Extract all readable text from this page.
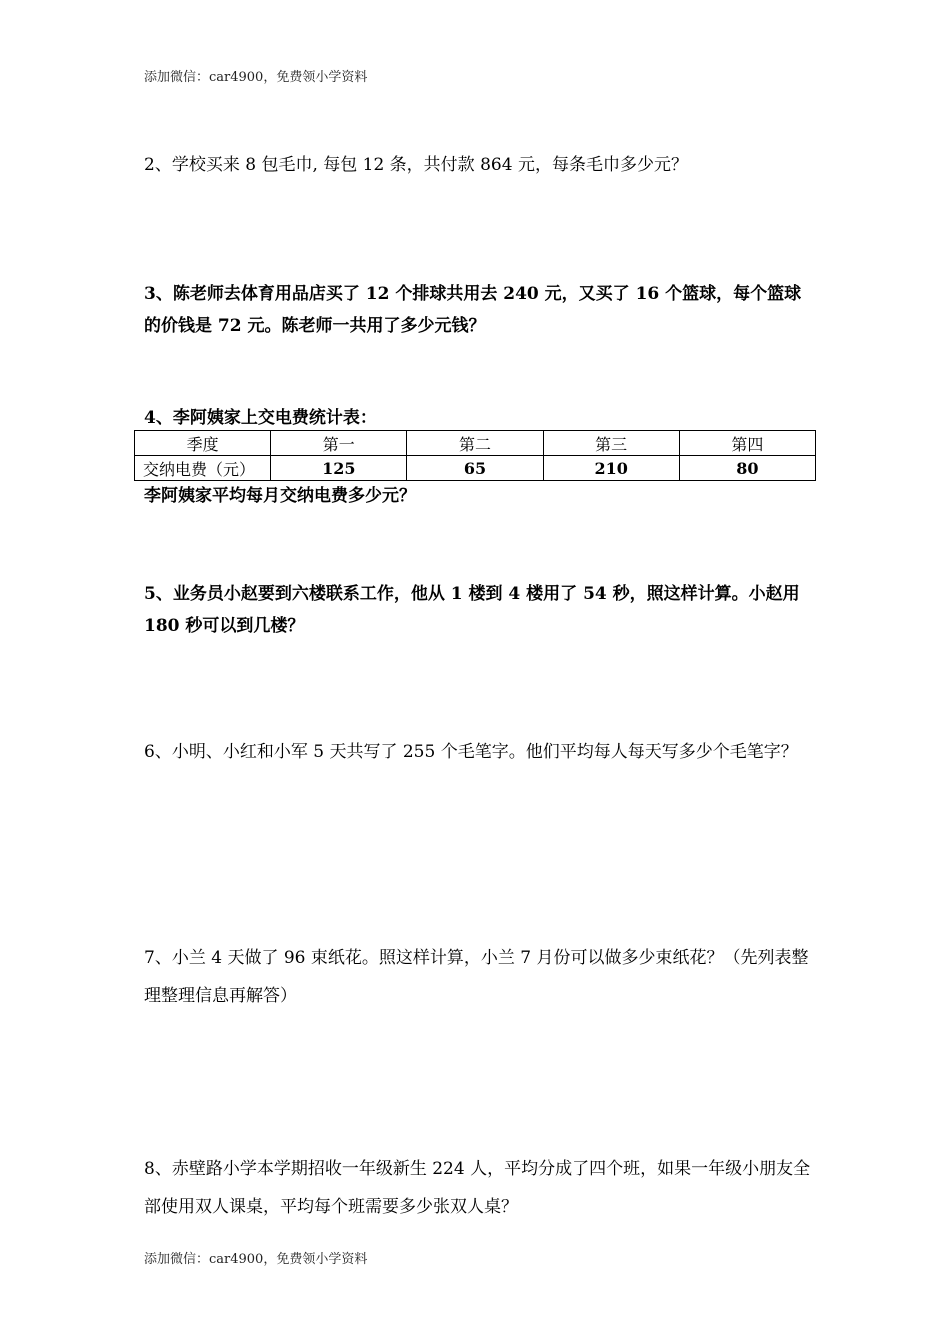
添加微信：car4900，免费领小学资料

2、学校买来 8 包毛巾, 每包 12 条，共付款 864 元，每条毛巾多少元？

3、陈老师去体育用品店买了 12 个排球共用去 240 元，又买了 16 个篮球，每个篮球的价钱是 72 元。陈老师一共用了多少元钱？

4、李阿姨家上交电费统计表：

季度	第一	第二	第三	第四
交纳电费（元）	125	65	210	80

李阿姨家平均每月交纳电费多少元？

5、业务员小赵要到六楼联系工作，他从 1 楼到 4 楼用了 54 秒，照这样计算。小赵用 180 秒可以到几楼？

6、小明、小红和小军 5 天共写了 255 个毛笔字。他们平均每人每天写多少个毛笔字？

7、小兰 4 天做了 96 束纸花。照这样计算，小兰 7 月份可以做多少束纸花？（先列表整理整理信息再解答）

8、赤壁路小学本学期招收一年级新生 224 人，平均分成了四个班，如果一年级小朋友全部使用双人课桌，平均每个班需要多少张双人桌？

添加微信：car4900，免费领小学资料
